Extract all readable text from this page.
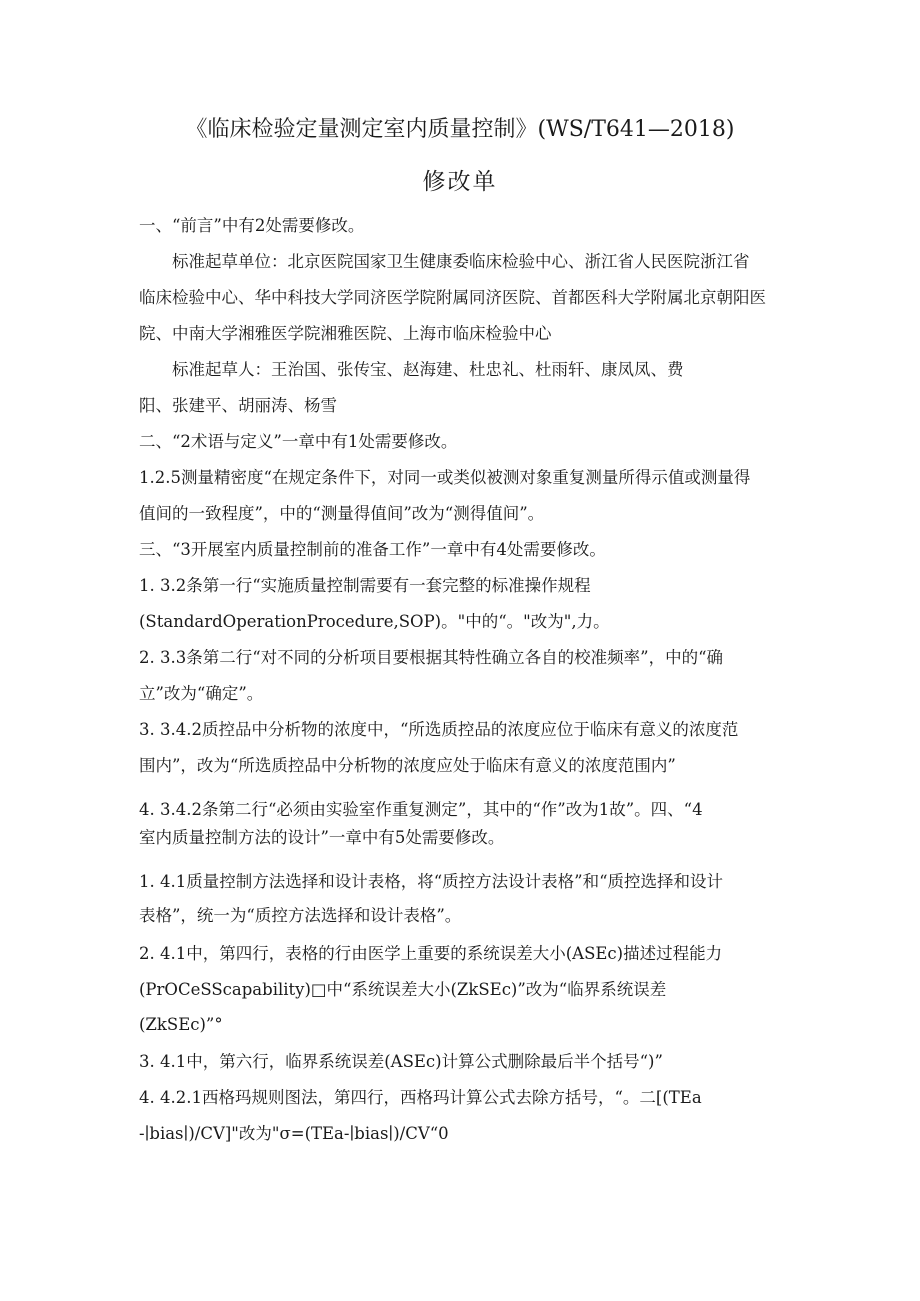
《临床检验定量测定室内质量控制》(WS/T641—2018)
修改单
一、“前言”中有2处需要修改。
标准起草单位：北京医院国家卫生健康委临床检验中心、浙江省人民医院浙江省
临床检验中心、华中科技大学同济医学院附属同济医院、首都医科大学附属北京朝阳医
院、中南大学湘雅医学院湘雅医院、上海市临床检验中心
标准起草人：王治国、张传宝、赵海建、杜忠礼、杜雨轩、康凤凤、费
阳、张建平、胡丽涛、杨雪
二、“2术语与定义”一章中有1处需要修改。
1.2.5测量精密度“在规定条件下，对同一或类似被测对象重复测量所得示值或测量得
值间的一致程度”，中的“测量得值间”改为“测得值间”。
三、“3开展室内质量控制前的准备工作”一章中有4处需要修改。
1. 3.2条第一行“实施质量控制需要有一套完整的标准操作规程
(StandardOperationProcedure,SOP)。"中的“。"改为",力。
2. 3.3条第二行“对不同的分析项目要根据其特性确立各自的校准频率”，中的“确
立”改为“确定”。
3. 3.4.2质控品中分析物的浓度中，“所选质控品的浓度应位于临床有意义的浓度范
围内”，改为“所选质控品中分析物的浓度应处于临床有意义的浓度范围内”
4. 3.4.2条第二行“必须由实验室作重复测定”，其中的“作”改为1故”。四、“4
室内质量控制方法的设计”一章中有5处需要修改。
1. 4.1质量控制方法选择和设计表格，将“质控方法设计表格”和“质控选择和设计
表格”，统一为“质控方法选择和设计表格”。
2. 4.1中，第四行，表格的行由医学上重要的系统误差大小(ASEc)描述过程能力
(PrOCeSScapability)□中“系统误差大小(ZkSEc)”改为“临界系统误差
(ZkSEc)”°
3. 4.1中，第六行，临界系统误差(ASEc)计算公式删除最后半个括号“)”
4. 4.2.1西格玛规则图法，第四行，西格玛计算公式去除方括号，“。二[(TEa
-∣bias∣)/CV]"改为"σ=(TEa-∣bias∣)/CV“0
